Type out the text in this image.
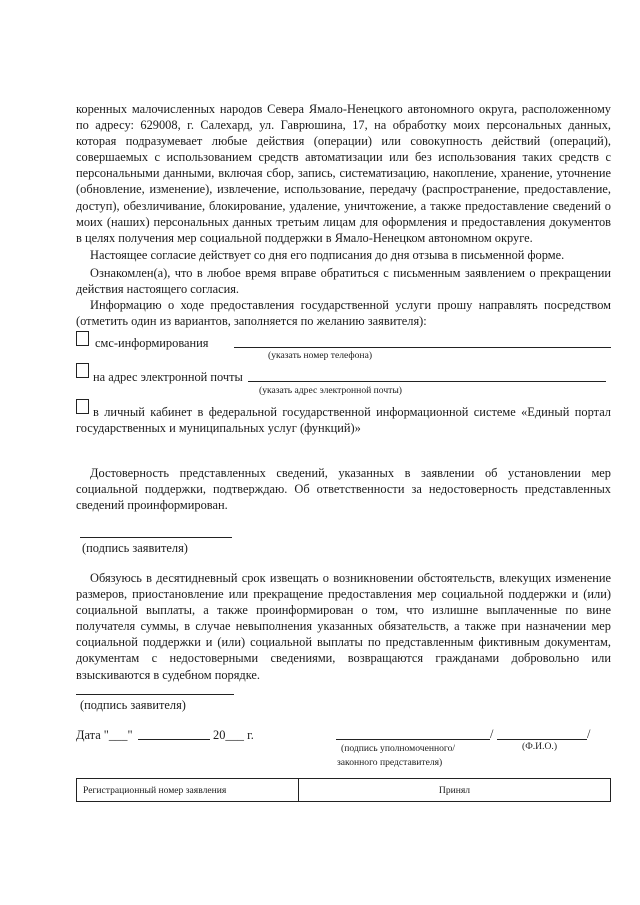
коренных малочисленных народов Севера Ямало-Ненецкого автономного округа, расположенному по адресу: 629008, г. Салехард, ул. Гаврюшина, 17, на обработку моих персональных данных, которая подразумевает любые действия (операции) или совокупность действий (операций), совершаемых с использованием средств автоматизации или без использования таких средств с персональными данными, включая сбор, запись, систематизацию, накопление, хранение, уточнение (обновление, изменение), извлечение, использование, передачу (распространение, предоставление, доступ), обезличивание, блокирование, удаление, уничтожение, а также предоставление сведений о моих (наших) персональных данных третьим лицам для оформления и предоставления документов в целях получения мер социальной поддержки в Ямало-Ненецком автономном округе.

Настоящее согласие действует со дня его подписания до дня отзыва в письменной форме.

Ознакомлен(а), что в любое время вправе обратиться с письменным заявлением о прекращении действия настоящего согласия.

Информацию о ходе предоставления государственной услуги прошу направлять посредством (отметить один из вариантов, заполняется по желанию заявителя):

смс-информирования
(указать номер телефона)
на адрес электронной почты
(указать адрес электронной почты)

в личный кабинет в федеральной государственной информационной системе «Единый портал государственных и муниципальных услуг (функций)»

Достоверность представленных сведений, указанных в заявлении об установлении мер социальной поддержки, подтверждаю. Об ответственности за недостоверность представленных сведений проинформирован.

(подпись заявителя)

Обязуюсь в десятидневный срок извещать о возникновении обстоятельств, влекущих изменение размеров, приостановление или прекращение предоставления мер социальной поддержки и (или) социальной выплаты, а также проинформирован о том, что излишне выплаченные по вине получателя суммы, в случае невыполнения указанных обязательств, а также при назначении мер социальной поддержки и (или) социальной выплаты по представленным фиктивным документам, документам с недостоверными сведениями, возвращаются гражданами добровольно или взыскиваются в судебном порядке.

(подпись заявителя)
Дата "___"	20___ г.	/	/
(подпись уполномоченного/	(Ф.И.О.)
законного представителя)
Регистрационный номер заявления	Принял
